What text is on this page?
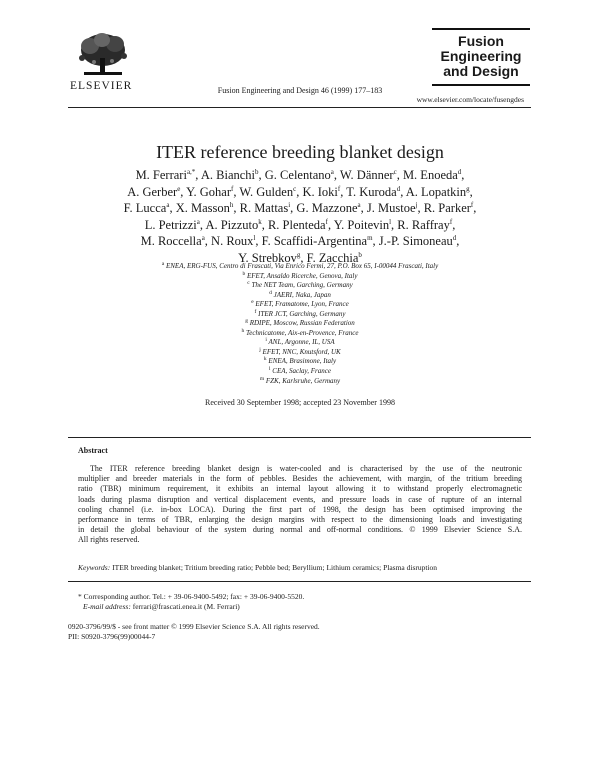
ELSEVIER	Fusion Engineering and Design 46 (1999) 177–183
Fusion
Engineering
and Design
www.elsevier.com/locate/fusengdes
ITER reference breeding blanket design
M. Ferrari$^{a,*}$, A. Bianchi$^b$, G. Celentano$^a$, W. Dänner$^c$, M. Enoeda$^d$,
A. Gerber$^e$, Y. Gohar$^f$, W. Gulden$^c$, K. Ioki$^f$, T. Kuroda$^d$, A. Lopatkin$^g$,
F. Lucca$^a$, X. Masson$^h$, R. Mattas$^i$, G. Mazzone$^a$, J. Mustoe$^j$, R. Parker$^f$,
L. Petrizzi$^a$, A. Pizzuto$^k$, R. Plenteda$^f$, Y. Poitevin$^l$, R. Raffray$^f$,
M. Roccella$^a$, N. Roux$^l$, F. Scaffidi-Argentina$^m$, J.-P. Simoneau$^d$,
Y. Strebkov$^g$, F. Zacchia$^b$
$^a$ ENEA, ERG-FUS, Centro di Frascati, Via Enrico Fermi, 27, P.O. Box 65, I-00044 Frascati, Italy
$^b$ EFET, Ansaldo Ricerche, Genova, Italy
$^c$ The NET Team, Garching, Germany
$^d$ JAERI, Naka, Japan
$^e$ EFET, Framatome, Lyon, France
$^f$ ITER JCT, Garching, Germany
$^g$ RDIPE, Moscow, Russian Federation
$^h$ Technicatome, Aix-en-Provence, France
$^i$ ANL, Argonne, IL, USA
$^j$ EFET, NNC, Knutsford, UK
$^k$ ENEA, Brasimone, Italy
$^l$ CEA, Saclay, France
$^m$ FZK, Karlsruhe, Germany
Received 30 September 1998; accepted 23 November 1998
Abstract
The ITER reference breeding blanket design is water-cooled and is characterised by the use of the neutronic
multiplier and breeder materials in the form of pebbles. Besides the achievement, with margin, of the tritium breeding
ratio (TBR) minimum requirement, it exhibits an internal layout allowing it to withstand properly electromagnetic
loads during plasma disruption and vertical displacement events, and pressure loads in case of rupture of an internal
cooling channel (i.e. in-box LOCA). During the first part of 1998, the design has been optimised improving the
performance in terms of TBR, enlarging the design margins with respect to the dimensioning loads and investigating
in detail the global behaviour of the system during normal and off-normal conditions. © 1999 Elsevier Science S.A.
All rights reserved.
Keywords: ITER breeding blanket; Tritium breeding ratio; Pebble bed; Beryllium; Lithium ceramics; Plasma disruption
* Corresponding author. Tel.: + 39-06-9400-5492; fax: + 39-06-9400-5520.
E-mail address: ferrari@frascati.enea.it (M. Ferrari)
0920-3796/99/$ - see front matter © 1999 Elsevier Science S.A. All rights reserved.
PII: S0920-3796(99)00044-7
